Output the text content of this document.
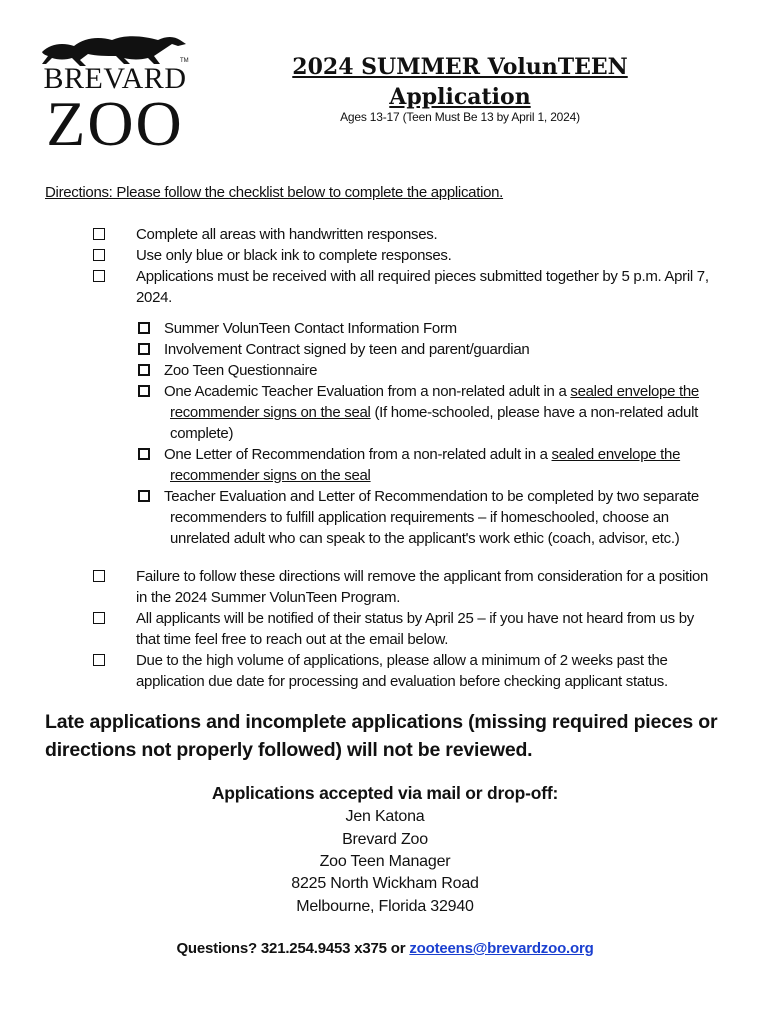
TM
BREVARD
ZOO
2024 SUMMER VolunTEEN
Application
Ages 13-17 (Teen Must Be 13 by April 1, 2024)
Directions: Please follow the checklist below to complete the application.
Complete all areas with handwritten responses.
Use only blue or black ink to complete responses.
Applications must be received with all required pieces submitted together by 5 p.m. April 7,
2024.
Summer VolunTeen Contact Information Form
Involvement Contract signed by teen and parent/guardian
Zoo Teen Questionnaire
One Academic Teacher Evaluation from a non-related adult in a sealed envelope the
recommender signs on the seal (If home-schooled, please have a non-related adult
complete)
One Letter of Recommendation from a non-related adult in a sealed envelope the
recommender signs on the seal
Teacher Evaluation and Letter of Recommendation to be completed by two separate
recommenders to fulfill application requirements – if homeschooled, choose an
unrelated adult who can speak to the applicant's work ethic (coach, advisor, etc.)
Failure to follow these directions will remove the applicant from consideration for a position
in the 2024 Summer VolunTeen Program.
All applicants will be notified of their status by April 25 – if you have not heard from us by
that time feel free to reach out at the email below.
Due to the high volume of applications, please allow a minimum of 2 weeks past the
application due date for processing and evaluation before checking applicant status.
Late applications and incomplete applications (missing required pieces or directions not properly followed) will not be reviewed.
Applications accepted via mail or drop-off:
Jen Katona
Brevard Zoo
Zoo Teen Manager
8225 North Wickham Road
Melbourne, Florida 32940
Questions? 321.254.9453 x375 or zooteens@brevardzoo.org
